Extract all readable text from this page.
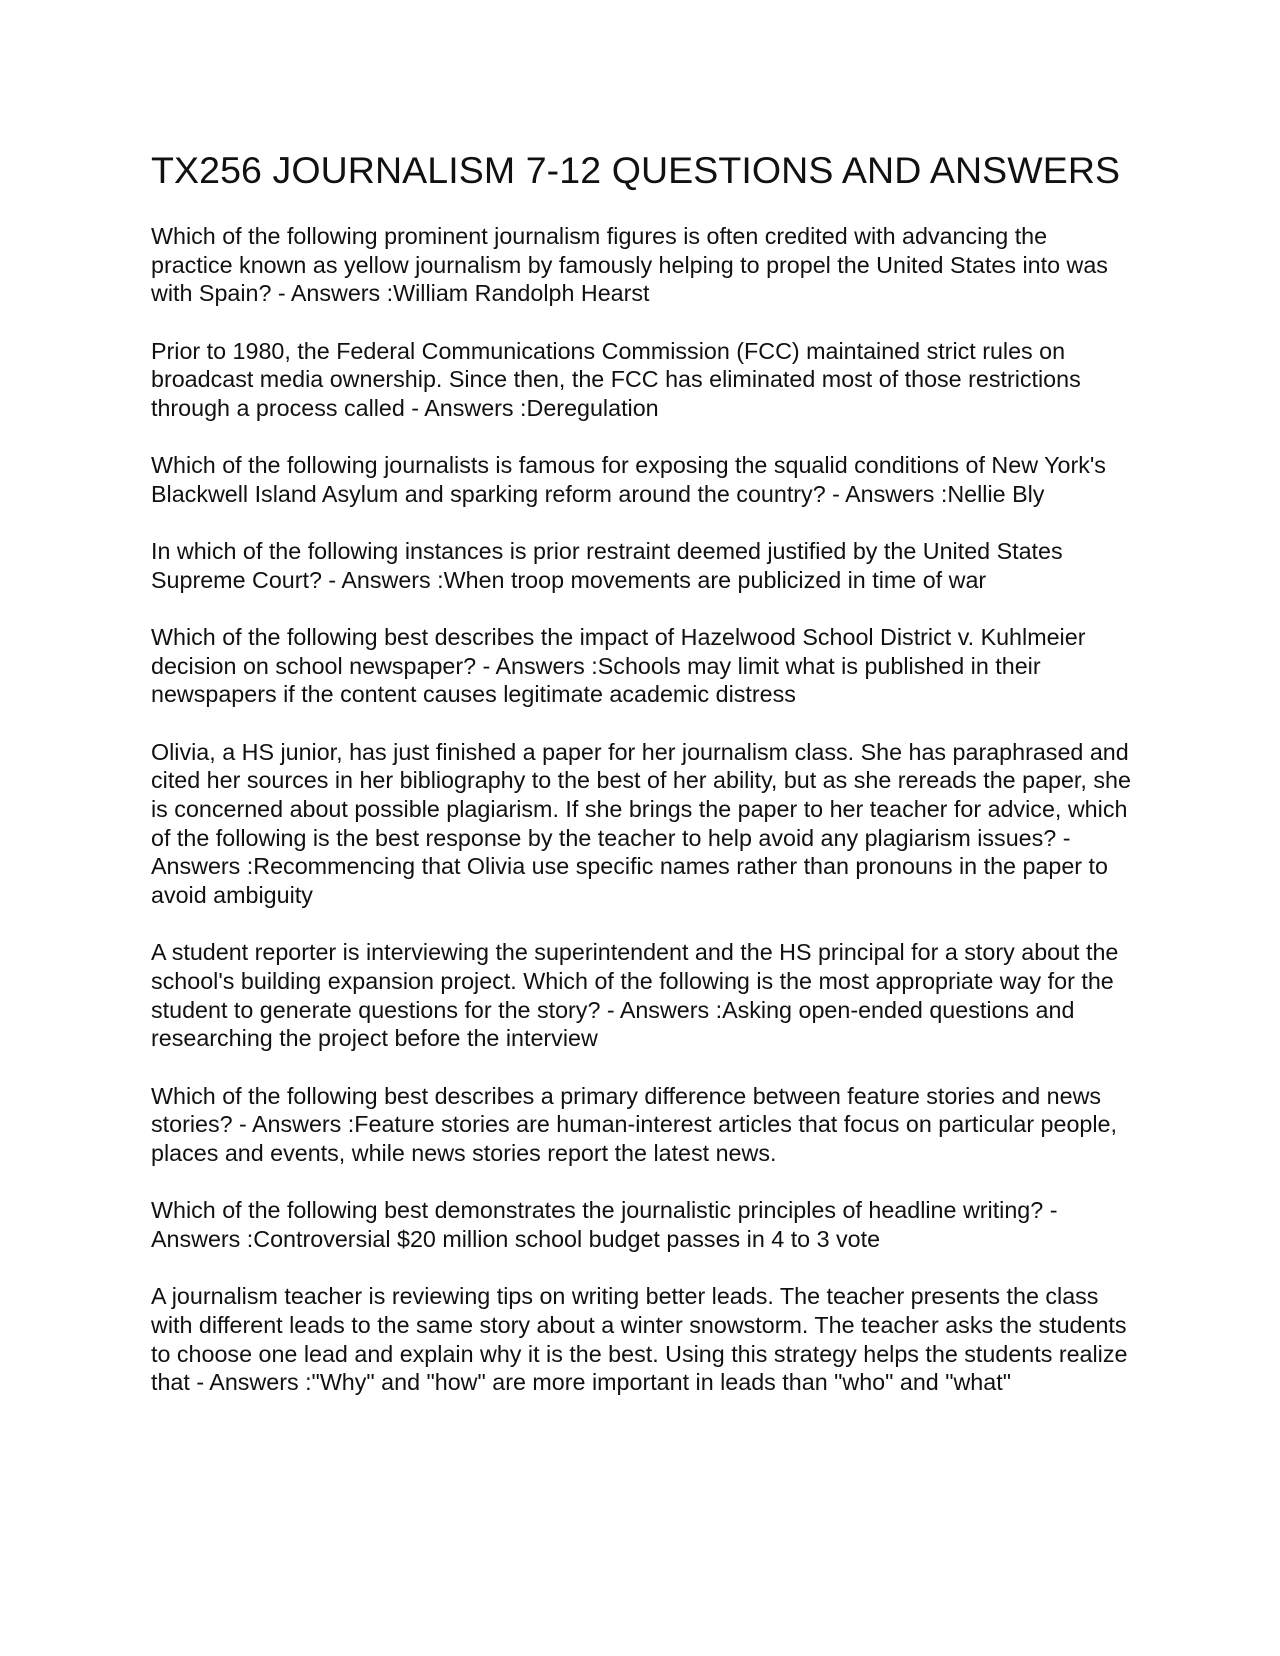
TX256 JOURNALISM 7-12 QUESTIONS AND ANSWERS
Which of the following prominent journalism figures is often credited with advancing the practice known as yellow journalism by famously helping to propel the United States into was with Spain? - Answers :William Randolph Hearst
Prior to 1980, the Federal Communications Commission (FCC) maintained strict rules on broadcast media ownership. Since then, the FCC has eliminated most of those restrictions through a process called - Answers :Deregulation
Which of the following journalists is famous for exposing the squalid conditions of New York's Blackwell Island Asylum and sparking reform around the country? - Answers :Nellie Bly
In which of the following instances is prior restraint deemed justified by the United States Supreme Court? - Answers :When troop movements are publicized in time of war
Which of the following best describes the impact of Hazelwood School District v. Kuhlmeier decision on school newspaper? - Answers :Schools may limit what is published in their newspapers if the content causes legitimate academic distress
Olivia, a HS junior, has just finished a paper for her journalism class. She has paraphrased and cited her sources in her bibliography to the best of her ability, but as she rereads the paper, she is concerned about possible plagiarism. If she brings the paper to her teacher for advice, which of the following is the best response by the teacher to help avoid any plagiarism issues? - Answers :Recommencing that Olivia use specific names rather than pronouns in the paper to avoid ambiguity
A student reporter is interviewing the superintendent and the HS principal for a story about the school's building expansion project. Which of the following is the most appropriate way for the student to generate questions for the story? - Answers :Asking open-ended questions and researching the project before the interview
Which of the following best describes a primary difference between feature stories and news stories? - Answers :Feature stories are human-interest articles that focus on particular people, places and events, while news stories report the latest news.
Which of the following best demonstrates the journalistic principles of headline writing? - Answers :Controversial $20 million school budget passes in 4 to 3 vote
A journalism teacher is reviewing tips on writing better leads. The teacher presents the class with different leads to the same story about a winter snowstorm. The teacher asks the students to choose one lead and explain why it is the best. Using this strategy helps the students realize that - Answers :"Why" and "how" are more important in leads than "who" and "what"
